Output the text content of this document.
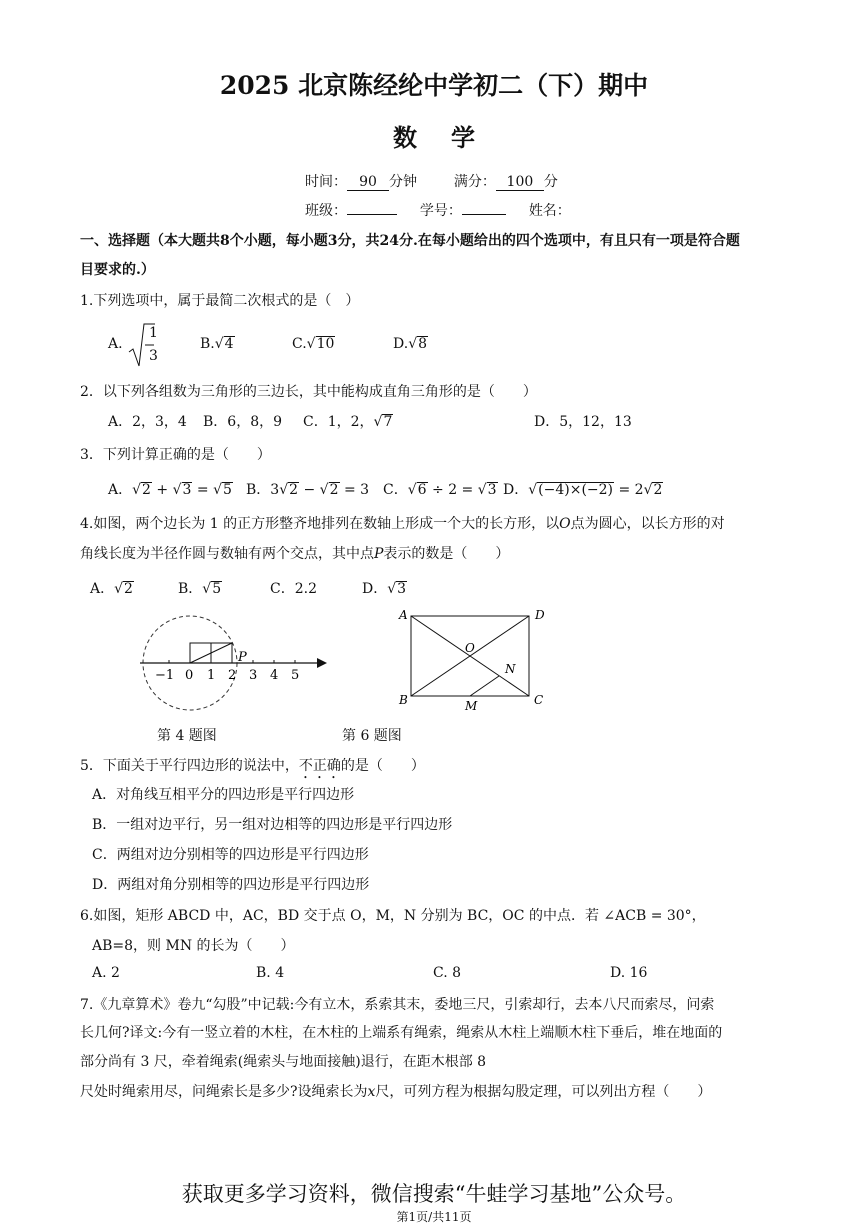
2025 北京陈经纶中学初二（下）期中
数学
时间： 90 分钟	满分： 100 分
班级：	学号：	姓名：
一、选择题（本大题共8个小题，每小题3分，共24分.在每小题给出的四个选项中，有且只有一项是符合题
目要求的.）
1.下列选项中，属于最简二次根式的是（　）
A.
1
3
B.√4	C.√10	D.√8
2．以下列各组数为三角形的三边长，其中能构成直角三角形的是（　　）
A．2，3，4 B．6，8，9 C．1，2，√7	D．5，12，13
3．下列计算正确的是（　　）
A．√2 + √3 = √5 B．3√2 − √2 = 3 C．√6 ÷ 2 = √3 D．√(−4)×(−2) = 2√2
4.如图，两个边长为 1 的正方形整齐地排列在数轴上形成一个大的长方形，以O点为圆心，以长方形的对
角线长度为半径作圆与数轴有两个交点，其中点P表示的数是（　　）
A．√2	B．√5	C．2.2	D．√3
−1 0 1 2 3 4 5
P
第 4 题图
A	D
B	C
O
N
M
第 6 题图
5．下面关于平行四边形的说法中，不正确的是（　　）
A．对角线互相平分的四边形是平行四边形
B．一组对边平行，另一组对边相等的四边形是平行四边形
C．两组对边分别相等的四边形是平行四边形
D．两组对角分别相等的四边形是平行四边形
6.如图，矩形 ABCD 中，AC，BD 交于点 O，M，N 分别为 BC，OC 的中点．若 ∠ACB = 30°，
AB=8，则 MN 的长为（　　）
A. 2	B. 4	C. 8	D. 16
7.《九章算术》卷九“勾股”中记载:今有立木，系索其末，委地三尺，引索却行，去本八尺而索尽，问索
长几何?译文:今有一竖立着的木柱，在木柱的上端系有绳索，绳索从木柱上端顺木柱下垂后，堆在地面的
部分尚有 3 尺，牵着绳索(绳索头与地面接触)退行，在距木根部 8
尺处时绳索用尽，问绳索长是多少?设绳索长为x尺，可列方程为根据勾股定理，可以列出方程（　　）
获取更多学习资料，微信搜索“牛蛙学习基地”公众号。
第1页/共11页
